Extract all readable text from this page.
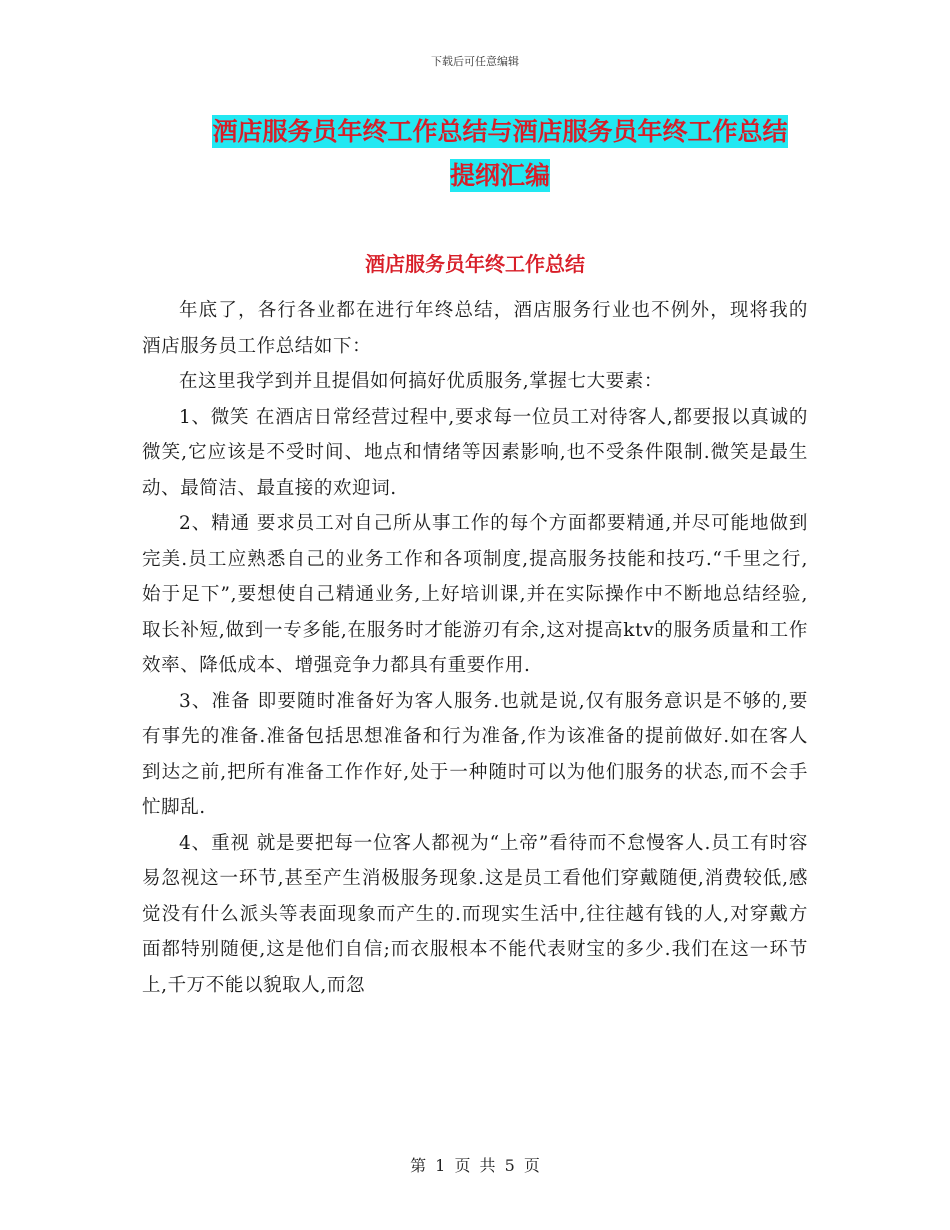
下载后可任意编辑
酒店服务员年终工作总结与酒店服务员年终工作总结
提纲汇编
酒店服务员年终工作总结

年底了，各行各业都在进行年终总结，酒店服务行业也不例外，现将我的酒店服务员工作总结如下：

在这里我学到并且提倡如何搞好优质服务,掌握七大要素：

1、微笑 在酒店日常经营过程中,要求每一位员工对待客人,都要报以真诚的微笑,它应该是不受时间、地点和情绪等因素影响,也不受条件限制.微笑是最生动、最简洁、最直接的欢迎词.

2、精通 要求员工对自己所从事工作的每个方面都要精通,并尽可能地做到完美.员工应熟悉自己的业务工作和各项制度,提高服务技能和技巧.“千里之行,始于足下”,要想使自己精通业务,上好培训课,并在实际操作中不断地总结经验,取长补短,做到一专多能,在服务时才能游刃有余,这对提高ktv的服务质量和工作效率、降低成本、增强竞争力都具有重要作用.

3、准备 即要随时准备好为客人服务.也就是说,仅有服务意识是不够的,要有事先的准备.准备包括思想准备和行为准备,作为该准备的提前做好.如在客人到达之前,把所有准备工作作好,处于一种随时可以为他们服务的状态,而不会手忙脚乱.

4、重视 就是要把每一位客人都视为“上帝”看待而不怠慢客人.员工有时容易忽视这一环节,甚至产生消极服务现象.这是员工看他们穿戴随便,消费较低,感觉没有什么派头等表面现象而产生的.而现实生活中,往往越有钱的人,对穿戴方面都特别随便,这是他们自信;而衣服根本不能代表财宝的多少.我们在这一环节上,千万不能以貌取人,而忽

第 1 页 共 5 页
